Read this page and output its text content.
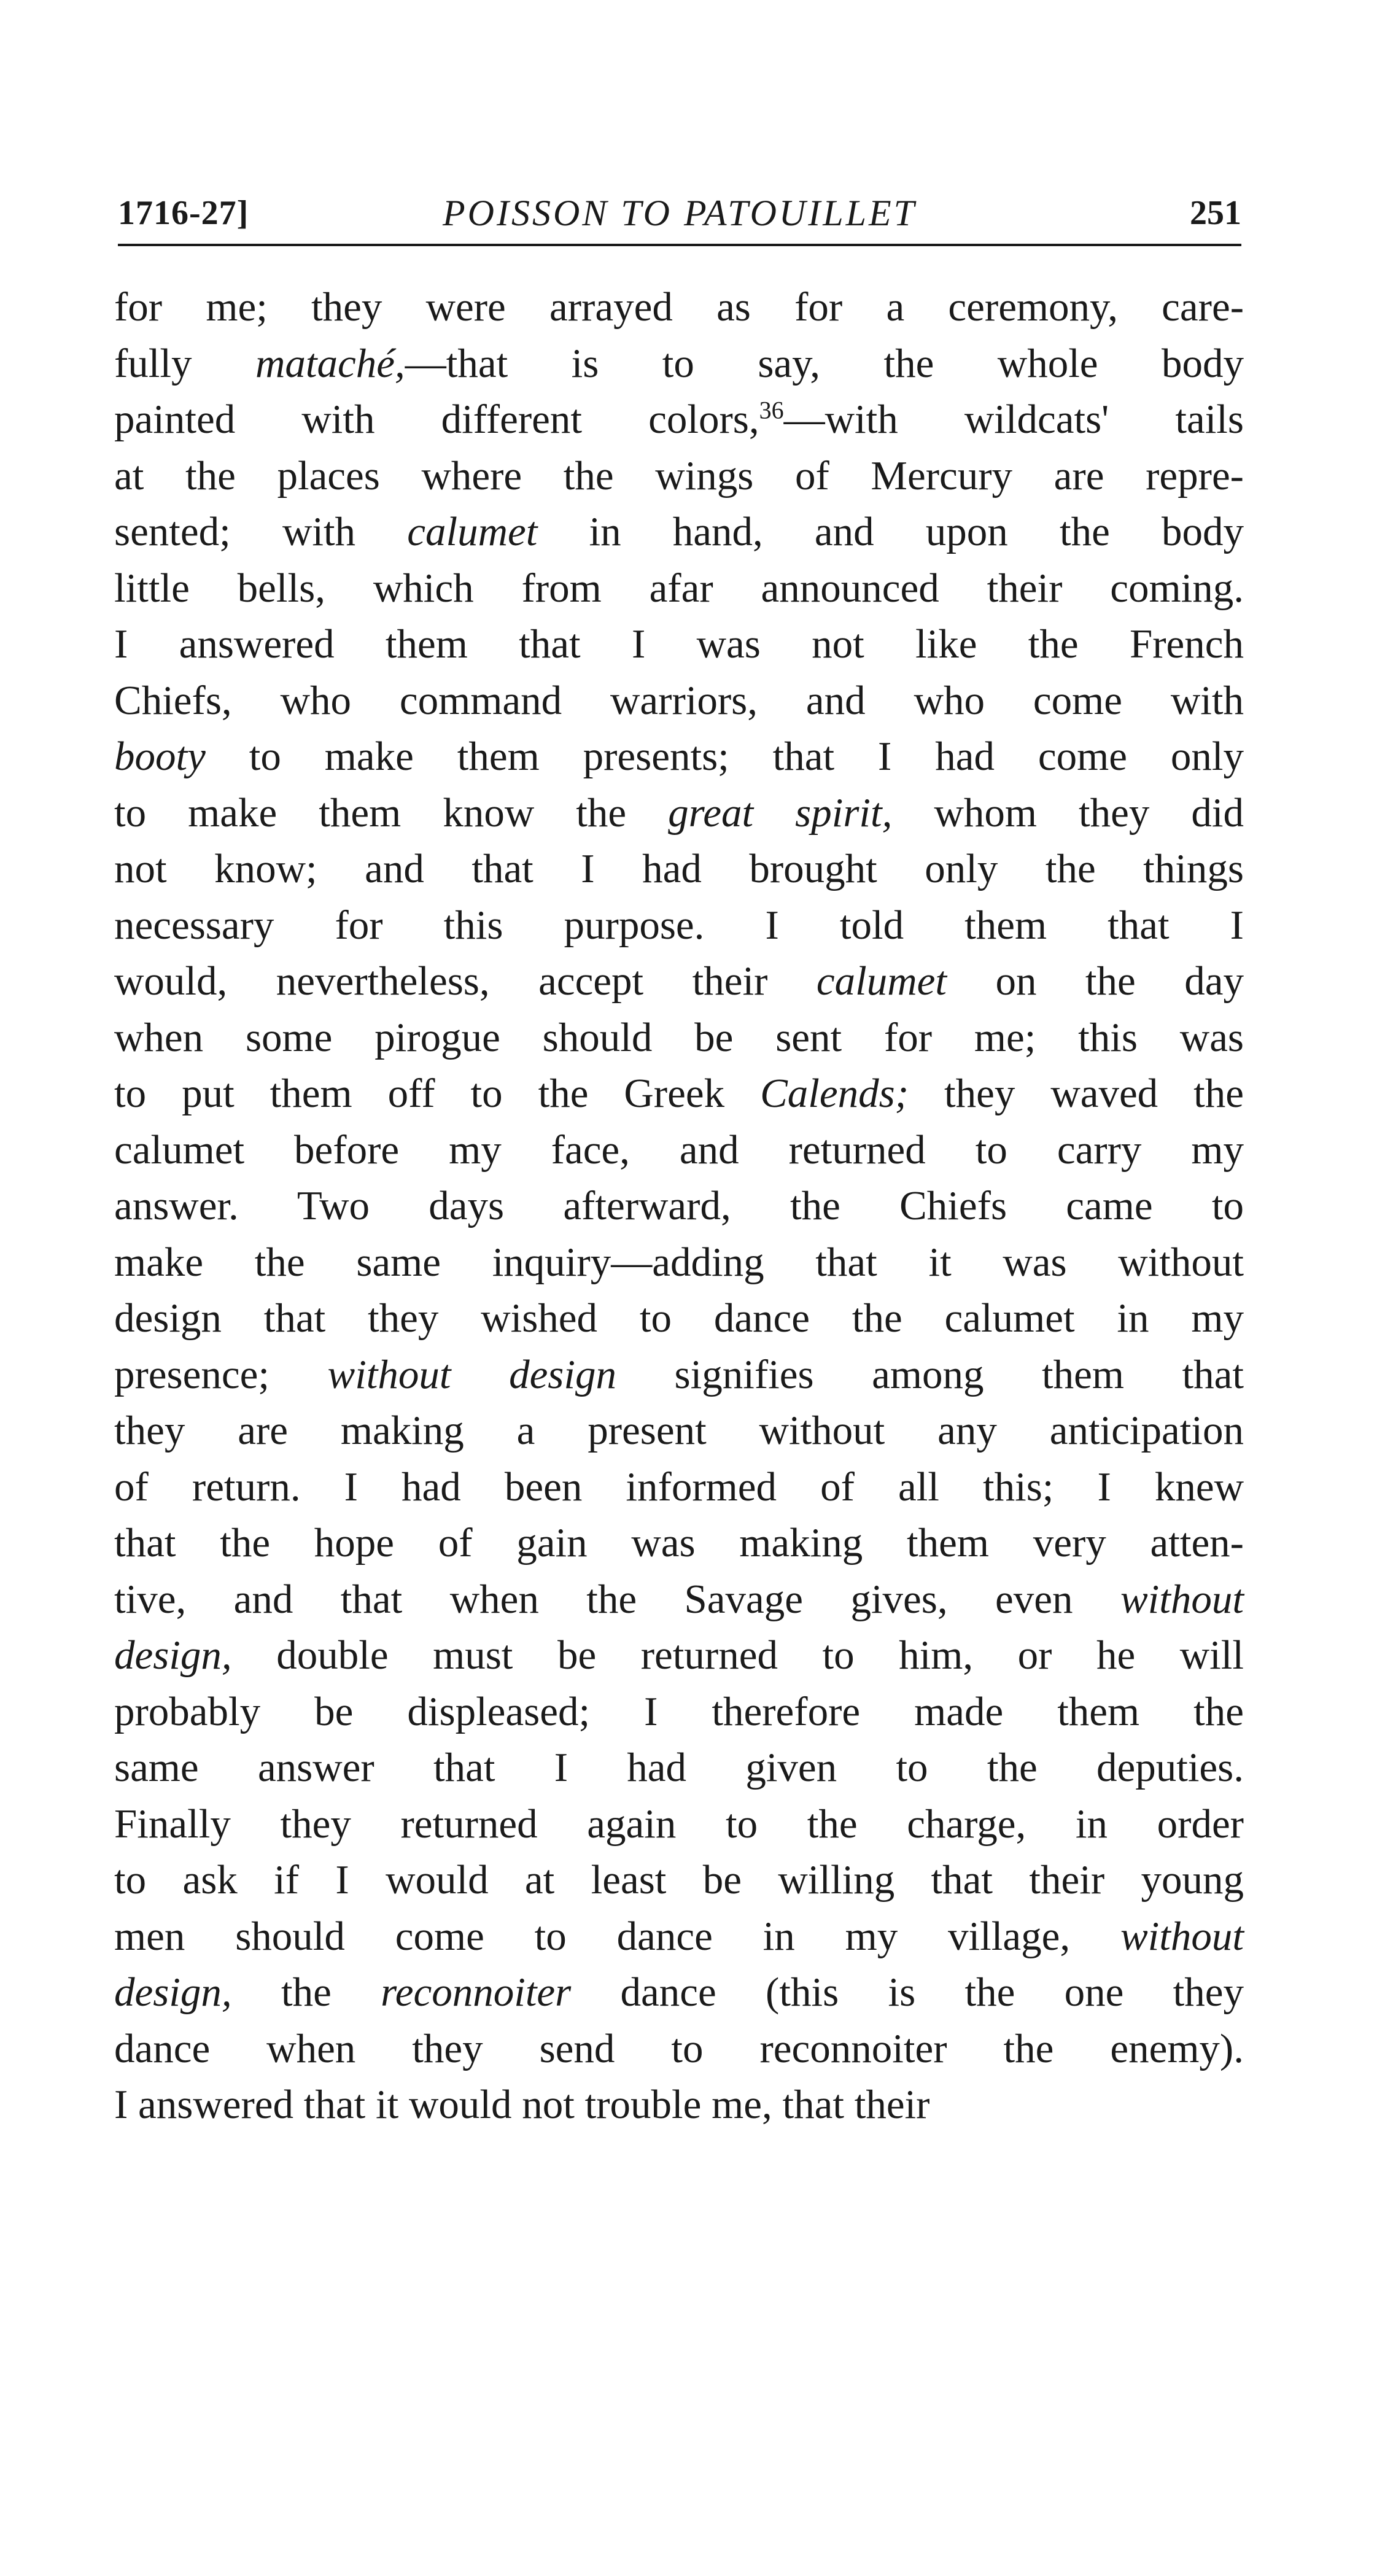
1716-27]	POISSON TO PATOUILLET	251
for me; they were arrayed as for a ceremony, care-
fully mataché,—that is to say, the whole body
painted with different colors,$^{36}$—with wildcats' tails
at the places where the wings of Mercury are repre-
sented; with calumet in hand, and upon the body
little bells, which from afar announced their coming.
I answered them that I was not like the French
Chiefs, who command warriors, and who come with
booty to make them presents; that I had come only
to make them know the great spirit, whom they did
not know; and that I had brought only the things
necessary for this purpose. I told them that I
would, nevertheless, accept their calumet on the day
when some pirogue should be sent for me; this was
to put them off to the Greek Calends; they waved the
calumet before my face, and returned to carry my
answer. Two days afterward, the Chiefs came to
make the same inquiry—adding that it was without
design that they wished to dance the calumet in my
presence; without design signifies among them that
they are making a present without any anticipation
of return. I had been informed of all this; I knew
that the hope of gain was making them very atten-
tive, and that when the Savage gives, even without
design, double must be returned to him, or he will
probably be displeased; I therefore made them the
same answer that I had given to the deputies.
Finally they returned again to the charge, in order
to ask if I would at least be willing that their young
men should come to dance in my village, without
design, the reconnoiter dance (this is the one they
dance when they send to reconnoiter the enemy).
I answered that it would not trouble me, that their
